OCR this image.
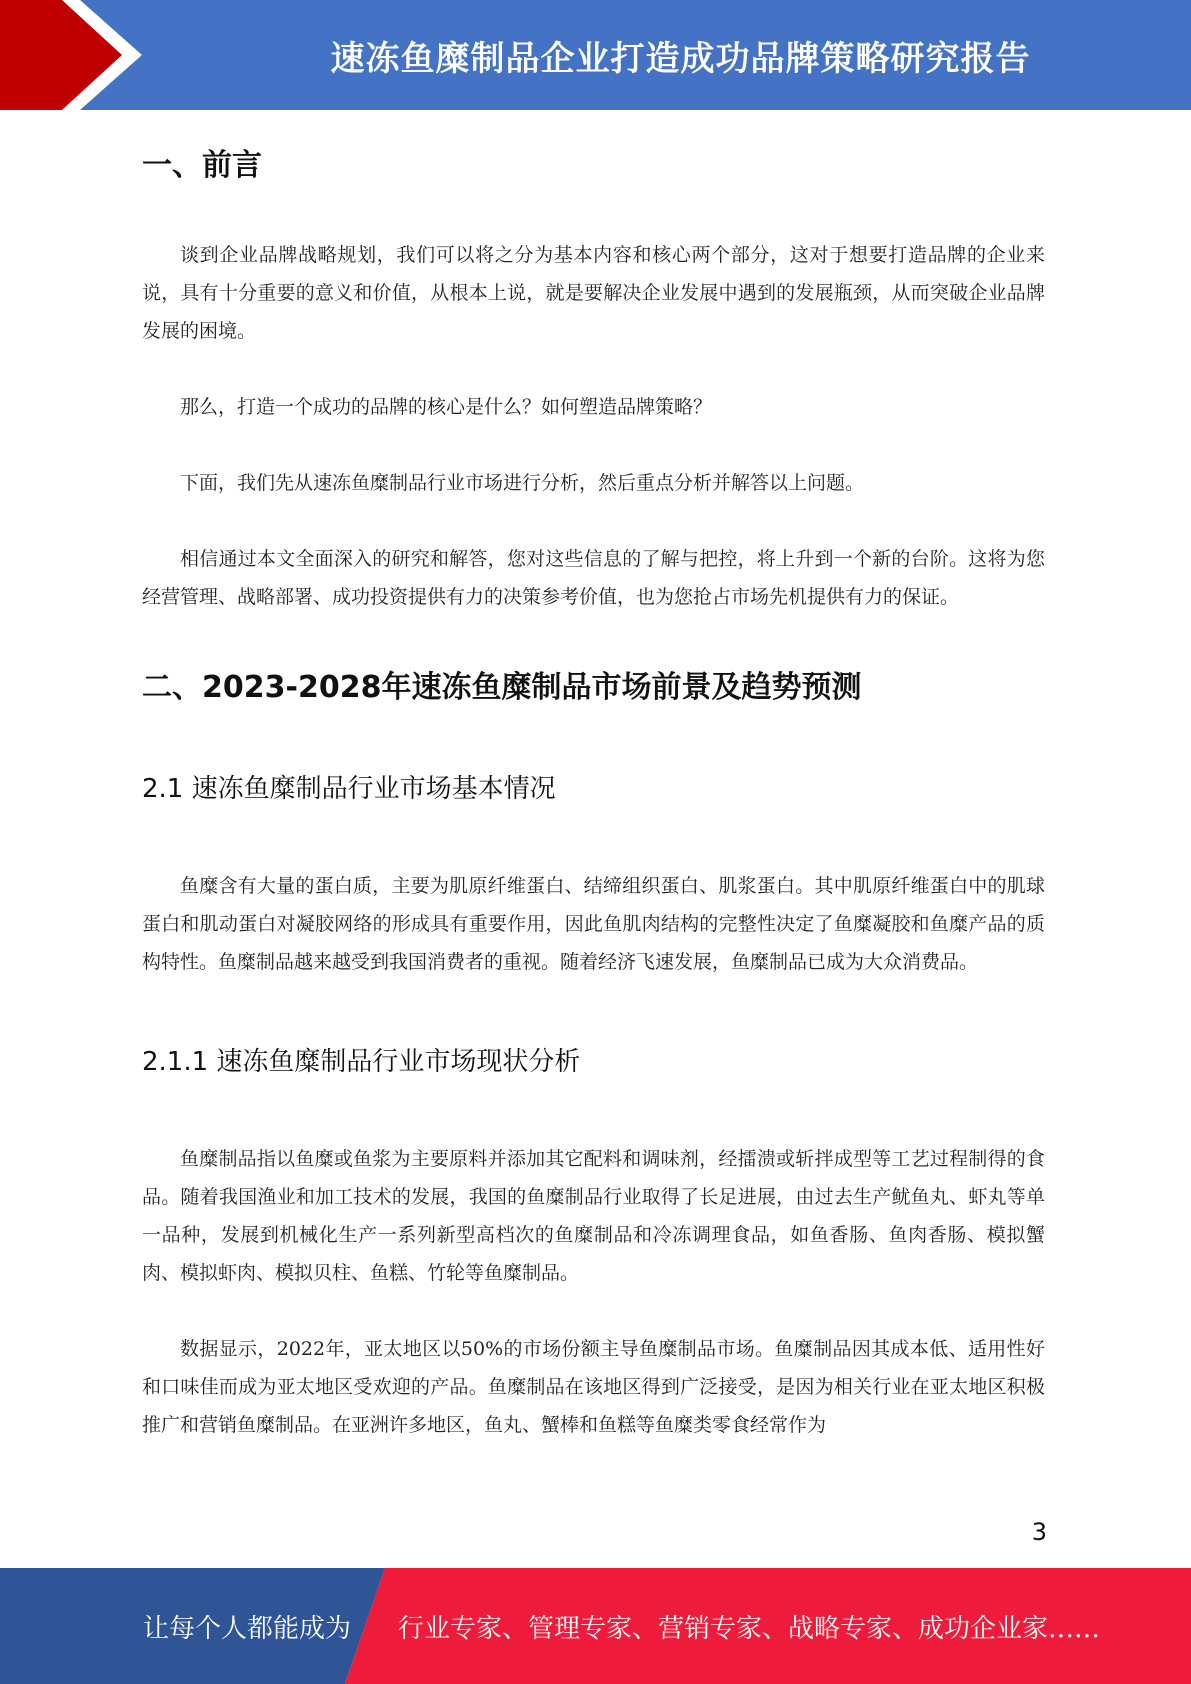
速冻鱼糜制品企业打造成功品牌策略研究报告
一、前言

谈到企业品牌战略规划，我们可以将之分为基本内容和核心两个部分，这对于想要打造品牌的企业来说，具有十分重要的意义和价值，从根本上说，就是要解决企业发展中遇到的发展瓶颈，从而突破企业品牌发展的困境。

那么，打造一个成功的品牌的核心是什么？如何塑造品牌策略？

下面，我们先从速冻鱼糜制品行业市场进行分析，然后重点分析并解答以上问题。

相信通过本文全面深入的研究和解答，您对这些信息的了解与把控，将上升到一个新的台阶。这将为您经营管理、战略部署、成功投资提供有力的决策参考价值，也为您抢占市场先机提供有力的保证。

二、2023-2028年速冻鱼糜制品市场前景及趋势预测
2.1 速冻鱼糜制品行业市场基本情况

鱼糜含有大量的蛋白质，主要为肌原纤维蛋白、结缔组织蛋白、肌浆蛋白。其中肌原纤维蛋白中的肌球蛋白和肌动蛋白对凝胶网络的形成具有重要作用，因此鱼肌肉结构的完整性决定了鱼糜凝胶和鱼糜产品的质构特性。鱼糜制品越来越受到我国消费者的重视。随着经济飞速发展，鱼糜制品已成为大众消费品。

2.1.1 速冻鱼糜制品行业市场现状分析

鱼糜制品指以鱼糜或鱼浆为主要原料并添加其它配料和调味剂，经擂溃或斩拌成型等工艺过程制得的食品。随着我国渔业和加工技术的发展，我国的鱼糜制品行业取得了长足进展，由过去生产鱿鱼丸、虾丸等单一品种，发展到机械化生产一系列新型高档次的鱼糜制品和冷冻调理食品，如鱼香肠、鱼肉香肠、模拟蟹肉、模拟虾肉、模拟贝柱、鱼糕、竹轮等鱼糜制品。

数据显示，2022年，亚太地区以50%的市场份额主导鱼糜制品市场。鱼糜制品因其成本低、适用性好和口味佳而成为亚太地区受欢迎的产品。鱼糜制品在该地区得到广泛接受，是因为相关行业在亚太地区积极推广和营销鱼糜制品。在亚洲许多地区，鱼丸、蟹棒和鱼糕等鱼糜类零食经常作为

3
让每个人都能成为 行业专家、管理专家、营销专家、战略专家、成功企业家……
